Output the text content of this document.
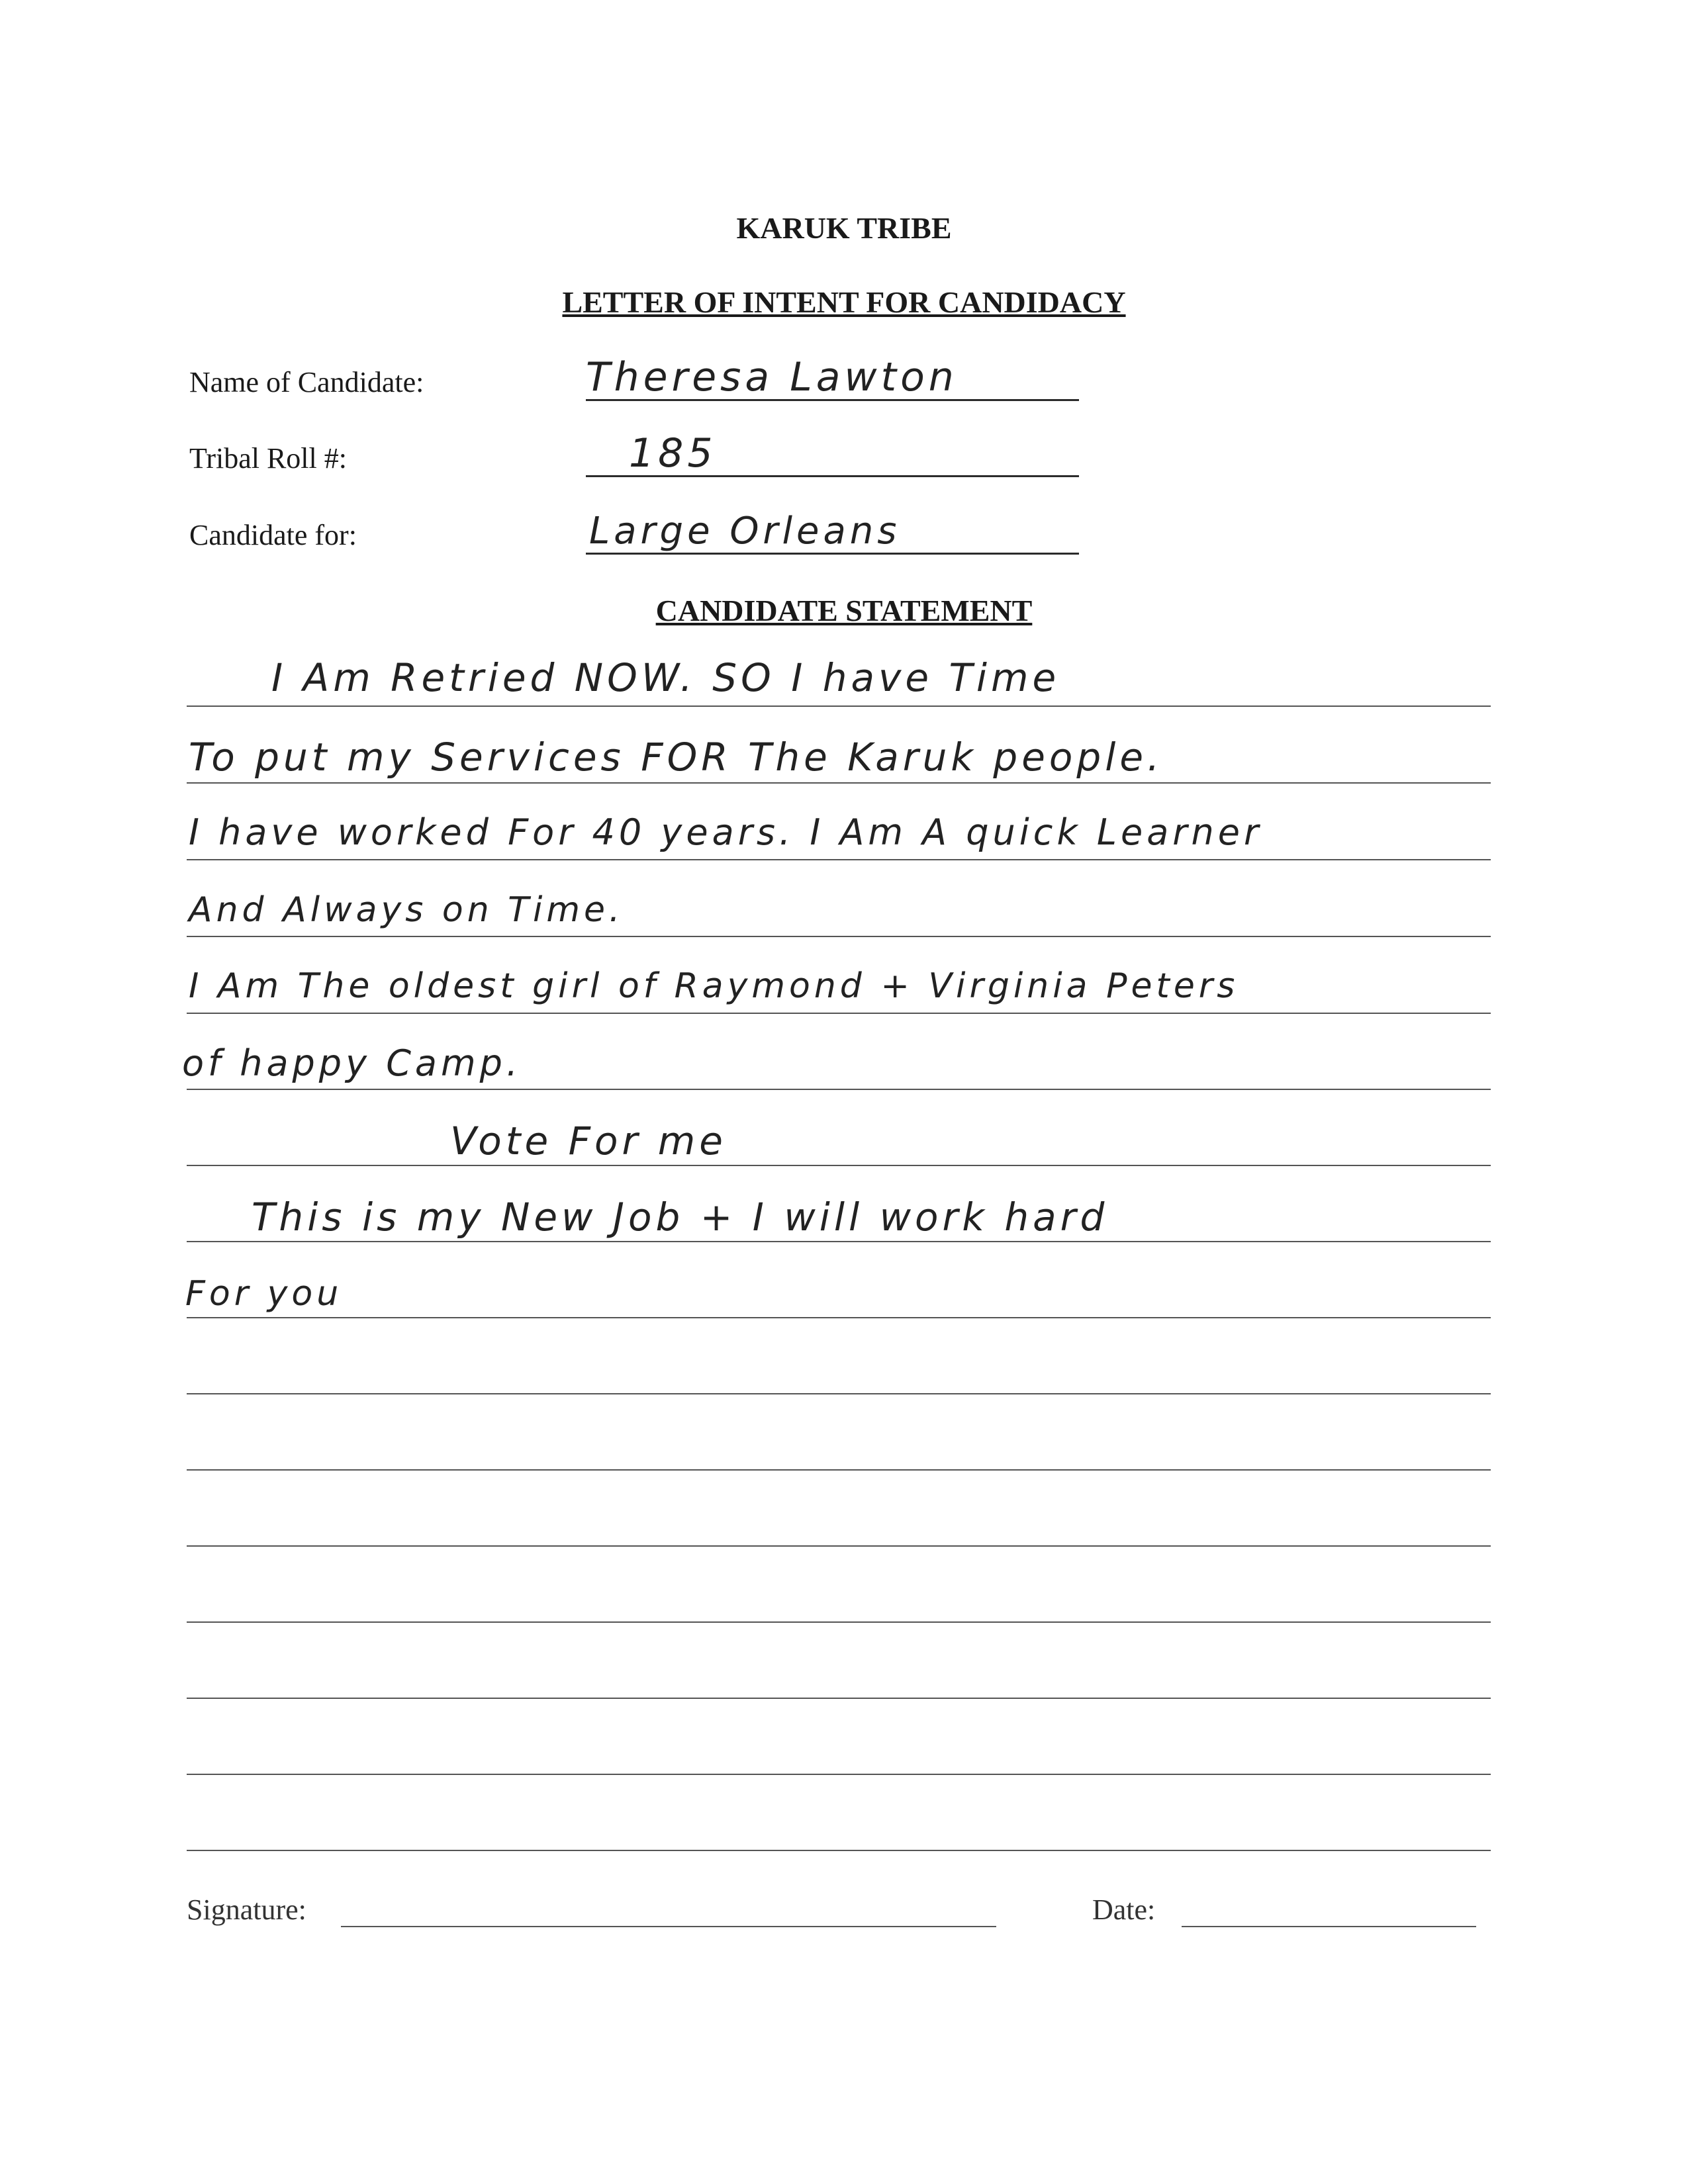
KARUK TRIBE
LETTER OF INTENT FOR CANDIDACY
Name of Candidate:	Theresa Lawton
Tribal Roll #:	185
Candidate for:	Large Orleans
CANDIDATE STATEMENT
I Am Retried NOW. SO I have Time
To put my Services FOR The Karuk people.
I have worked For 40 years. I Am A quick Learner
And Always on Time.
I Am The oldest girl of Raymond + Virginia Peters
of happy Camp.
Vote For me
This is my New Job + I will work hard
For you
Signature:	Date:
